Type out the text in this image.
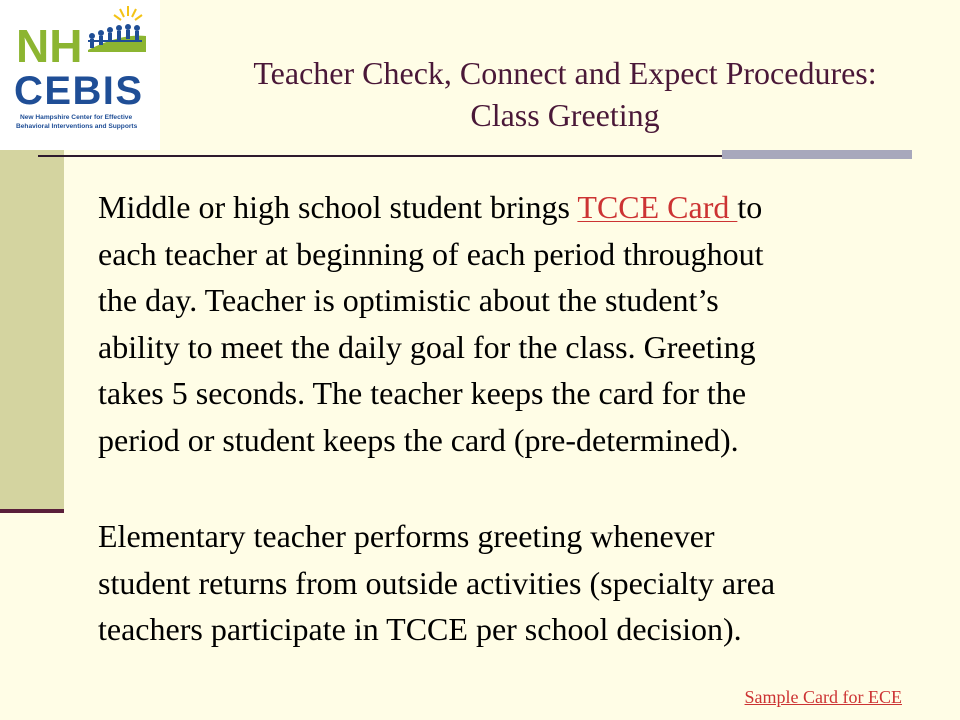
NH
CEBIS
New Hampshire Center for Effective
Behavioral Interventions and Supports
Teacher Check, Connect and Expect Procedures:
Class Greeting
Middle or high school student brings TCCE Card to
each teacher at beginning of each period throughout
the day. Teacher is optimistic about the student’s
ability to meet the daily goal for the class. Greeting
takes 5 seconds. The teacher keeps the card for the
period or student keeps the card (pre-determined).
Elementary teacher performs greeting whenever
student returns from outside activities (specialty area
teachers participate in TCCE per school decision).
Sample Card for ECE
